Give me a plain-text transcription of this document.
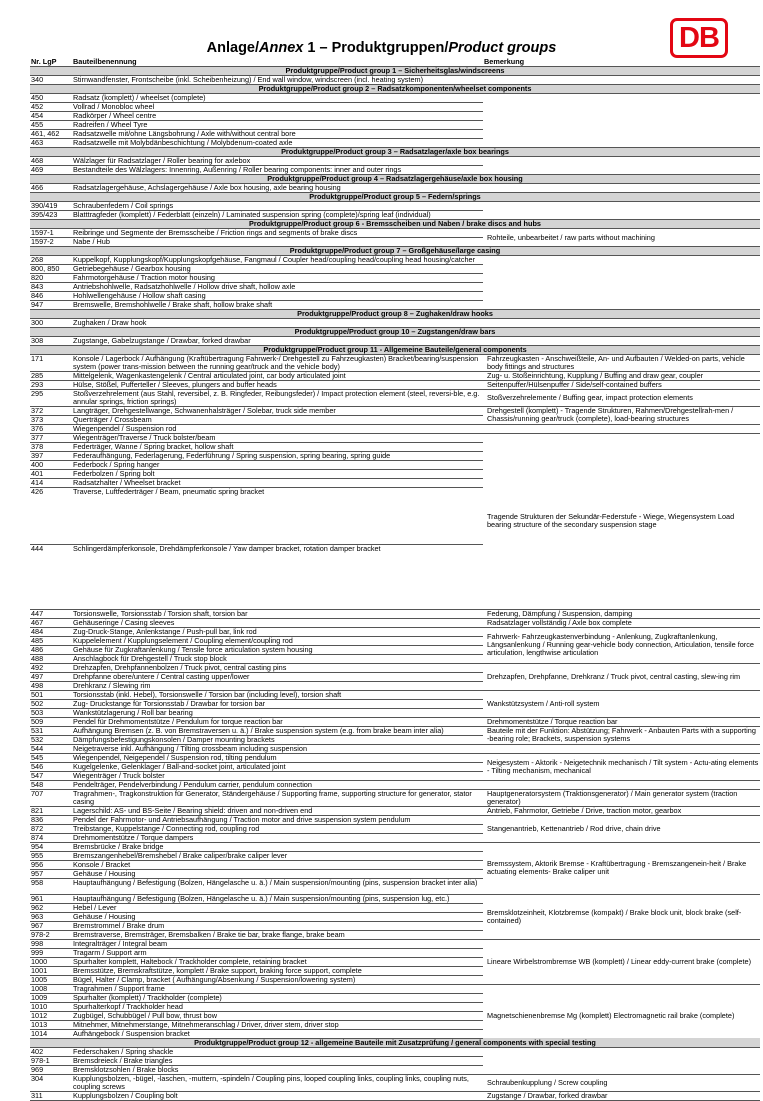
DB
Anlage/Annex 1 – Produktgruppen/Product groups
Nr. LgP	Bauteilbenennung	Bemerkung	
Produktgruppe/Product group 1 – Sicherheitsglas/windscreens			
340	Stirnwandfenster, Frontscheibe (inkl. Scheibenheizung) / End wall window, windscreen (incl. heating system)		
Produktgruppe/Product group 2 – Radsatzkomponenten/wheelset components			
450	Radsatz (komplett) / wheelset (complete)		
452	Vollrad / Monobloc wheel		
454	Radkörper / Wheel centre		
455	Radreifen / Wheel Tyre		
461, 462	Radsatzwelle mit/ohne Längsbohrung / Axle with/without central bore		
463	Radsatzwelle mit Molybdänbeschichtung / Molybdenum-coated axle		
Produktgruppe/Product group 3 – Radsatzlager/axle box bearings			
468	Wälzlager für Radsatzlager / Roller bearing for axlebox		
469	Bestandteile des Wälzlagers: Innenring, Außenring / Roller bearing components: inner and outer rings		
Produktgruppe/Product group 4 – Radsatzlagergehäuse/axle box housing			
466	Radsatzlagergehäuse, Achslagergehäuse / Axle box housing, axle bearing housing		
Produktgruppe/Product group 5 – Federn/springs			
390/419	Schraubenfedern / Coil springs		
395/423	Blatttragfeder (komplett) / Federblatt (einzeln) / Laminated suspension spring (complete)/spring leaf (individual)		
Produktgruppe/Product group 6 - Bremsscheiben und Naben / brake discs and hubs			
1597-1	Reibringe und Segmente der Bremsscheibe / Friction rings and segments of brake discs	Rohteile, unbearbeitet / raw parts without machining	
1597-2	Nabe / Hub		
Produktgruppe/Product group 7 – Großgehäuse/large casing			
268	Kuppelkopf, Kupplungskopf/Kupplungskopfgehäuse, Fangmaul / Coupler head/coupling head/coupling head housing/catcher		
800, 850	Getriebegehäuse / Gearbox housing		
820	Fahrmotorgehäuse / Traction motor housing		
843	Antriebshohlwelle, Radsatzhohlwelle / Hollow drive shaft, hollow axle		
846	Hohlwellengehäuse / Hollow shaft casing		
947	Bremswelle, Bremshohlwelle / Brake shaft, hollow brake shaft		
Produktgruppe/Product group 8 – Zughaken/draw hooks			
300	Zughaken / Draw hook		
Produktgruppe/Product group 10 – Zugstangen/draw bars			
308	Zugstange, Gabelzugstange / Drawbar, forked drawbar		
Produktgruppe/Product group 11 - Allgemeine Bauteile/general components			
171	Konsole / Lagerbock / Aufhängung (Kraftübertragung Fahrwerk-/ Drehgestell zu Fahrzeugkasten) Bracket/bearing/suspension system (power trans-mission between the running gear/truck and the vehicle body)	Fahrzeugkasten - Anschweißteile, An- und Aufbauten / Welded-on parts, vehicle body fittings and structures	
285	Mittelgelenk, Wagenkastengelenk / Central articulated joint, car body articulated joint	Zug- u. Stoßeinrichtung, Kupplung / Buffing and draw gear, coupler	
293	Hülse, Stößel, Pufferteller / Sleeves, plungers and buffer heads	Seitenpuffer/Hülsenpuffer / Side/self-contained buffers	
295	Stoßverzehrelement (aus Stahl, reversibel, z. B. Ringfeder, Reibungsfeder) / Impact protection element (steel, reversi-ble, e.g. annular springs, friction springs)	Stoßverzehrelemente / Buffing gear, impact protection elements	
372	Langträger, Drehgestellwange, Schwanenhalsträger / Solebar, truck side member	Drehgestell (komplett) - Tragende Strukturen, Rahmen/Drehgestellrah-men / Chassis/running gear/truck (complete), load-bearing structures	
373	Querträger / Crossbeam		
376	Wiegenpendel / Suspension rod		
377	Wiegenträger/Traverse / Truck bolster/beam	Tragende Strukturen der Sekundär-Federstufe - Wiege, Wiegensystem Load bearing structure of the secondary suspension stage	
378	Federträger, Wanne / Spring bracket, hollow shaft		
397	Federaufhängung, Federlagerung, Federführung / Spring suspension, spring bearing, spring guide		
400	Federbock / Spring hanger		
401	Federbolzen / Spring bolt		
414	Radsatzhalter / Wheelset bracket		
426	Traverse, Luftfederträger / Beam, pneumatic spring bracket	
444	Schlingerdämpferkonsole, Drehdämpferkonsole / Yaw damper bracket, rotation damper bracket	
447	Torsionswelle, Torsionsstab / Torsion shaft, torsion bar	Federung, Dämpfung / Suspension, damping	
467	Gehäuseringe / Casing sleeves	Radsatzlager vollständig / Axle box complete	
484	Zug-Druck-Stange, Anlenkstange / Push-pull bar, link rod	Fahrwerk- Fahrzeugkastenverbindung - Anlenkung, Zugkraftanlenkung, Längsanlenkung / Running gear-vehicle body connection, Articulation, tensile force articulation, lengthwise articulation	
485	Kuppelelement / Kupplungselement / Coupling element/coupling rod		
486	Gehäuse für Zugkraftanlenkung / Tensile force articulation system housing		
488	Anschlagbock für Drehgestell / Truck stop block		
492	Drehzapfen, Drehpfannenbolzen / Truck pivot, central casting pins	Drehzapfen, Drehpfanne, Drehkranz / Truck pivot, central casting, slew-ing rim	
497	Drehpfanne obere/untere / Central casting upper/lower		
498	Drehkranz / Slewing rim		
501	Torsionsstab (inkl. Hebel), Torsionswelle / Torsion bar (including level), torsion shaft	Wankstützsystem / Anti-roll system	
502	Zug- Druckstange für Torsionsstab / Drawbar for torsion bar		
503	Wankstützlagerung / Roll bar bearing		
509	Pendel für Drehmomentstütze / Pendulum for torque reaction bar	Drehmomentstütze / Torque reaction bar	
531	Aufhängung Bremsen (z. B. von Bremstraversen u. ä.) / Brake suspension system (e.g. from brake beam inter alia)	Bauteile mit der Funktion: Abstützung; Fahrwerk - Anbauten Parts with a supporting -bearing role; Brackets, suspension systems	
532	Dämpfungsbefestigungskonsolen / Damper mounting brackets		
544	Neigetraverse inkl. Aufhängung / Tilting crossbeam including suspension		
545	Wiegenpendel, Neigependel / Suspension rod, tilting pendulum	Neigesystem - Aktorik - Neigetechnik mechanisch / Tilt system - Actu-ating elements - Tilting mechanism, mechanical	
546	Kugelgelenke, Gelenklager / Ball-and-socket joint, articulated joint		
547	Wiegenträger / Truck bolster		
548	Pendelträger, Pendelverbindung / Pendulum carrier, pendulum connection		
707	Tragrahmen-, Tragkonstruktion für Generator, Ständergehäuse / Supporting frame, supporting structure for generator, stator casing	Hauptgeneratorsystem (Traktionsgenerator) / Main generator system (traction generator)	
821	Lagerschild: AS- und BS-Seite / Bearing shield: driven and non-driven end	Antrieb, Fahrmotor, Getriebe / Drive, traction motor, gearbox	
836	Pendel der Fahrmotor- und Antriebsaufhängung / Traction motor and drive suspension system pendulum	Stangenantrieb, Kettenantrieb / Rod drive, chain drive	
872	Treibstange, Kuppelstange / Connecting rod, coupling rod		
874	Drehmomentstütze / Torque dampers		
954	Bremsbrücke / Brake bridge	Bremssystem, Aktorik Bremse - Kraftübertragung - Bremszangenein-heit / Brake actuating elements- Brake caliper unit	
955	Bremszangenhebel/Bremshebel / Brake caliper/brake caliper lever		
956	Konsole / Bracket		
957	Gehäuse / Housing		
958	Hauptaufhängung / Befestigung (Bolzen, Hängelasche u. ä.) / Main suspension/mounting (pins, suspension bracket inter alia)		
961	Hauptaufhängung / Befestigung (Bolzen, Hängelasche u. ä.) / Main suspension/mounting (pins, suspension lug, etc.)	Bremsklotzeinheit, Klotzbremse (kompakt) / Brake block unit, block brake (self-contained)	
962	Hebel / Lever		
963	Gehäuse / Housing		
967	Bremstrommel / Brake drum		
978-2	Bremstraverse, Bremsträger, Bremsbalken / Brake tie bar, brake flange, brake beam		
998	Integralträger / Integral beam	Lineare Wirbelstrombremse WB (komplett) / Linear eddy-current brake (complete)	
999	Tragarm / Support arm		
1000	Spurhalter komplett, Haltebock / Trackholder complete, retaining bracket		
1001	Bremsstütze, Bremskraftstütze, komplett / Brake support, braking force support, complete		
1005	Bügel, Halter / Clamp, bracket ( Aufhängung/Absenkung / Suspension/lowering system)		
1008	Tragrahmen / Support frame	Magnetschienenbremse Mg (komplett) Electromagnetic rail brake (complete)	
1009	Spurhalter (komplett) / Trackholder (complete)		
1010	Spurhalterkopf / Trackholder head		
1012	Zugbügel, Schubbügel / Pull bow, thrust bow		
1013	Mitnehmer, Mitnehmerstange, Mitnehmeranschlag / Driver, driver stem, driver stop		
1014	Aufhängebock / Suspension bracket		
Produktgruppe/Product group 12 - allgemeine Bauteile mit Zusatzprüfung / general components with special testing			
402	Federschaken / Spring shackle		
978-1	Bremsdreieck / Brake triangles		
969	Bremsklotzsohlen / Brake blocks		
304	Kupplungsbolzen, -bügel, -laschen, -muttern, -spindeln / Coupling pins, looped coupling links, coupling links, coupling nuts, coupling screws	Schraubenkupplung / Screw coupling	
311	Kupplungsbolzen / Coupling bolt	Zugstange / Drawbar, forked drawbar	
